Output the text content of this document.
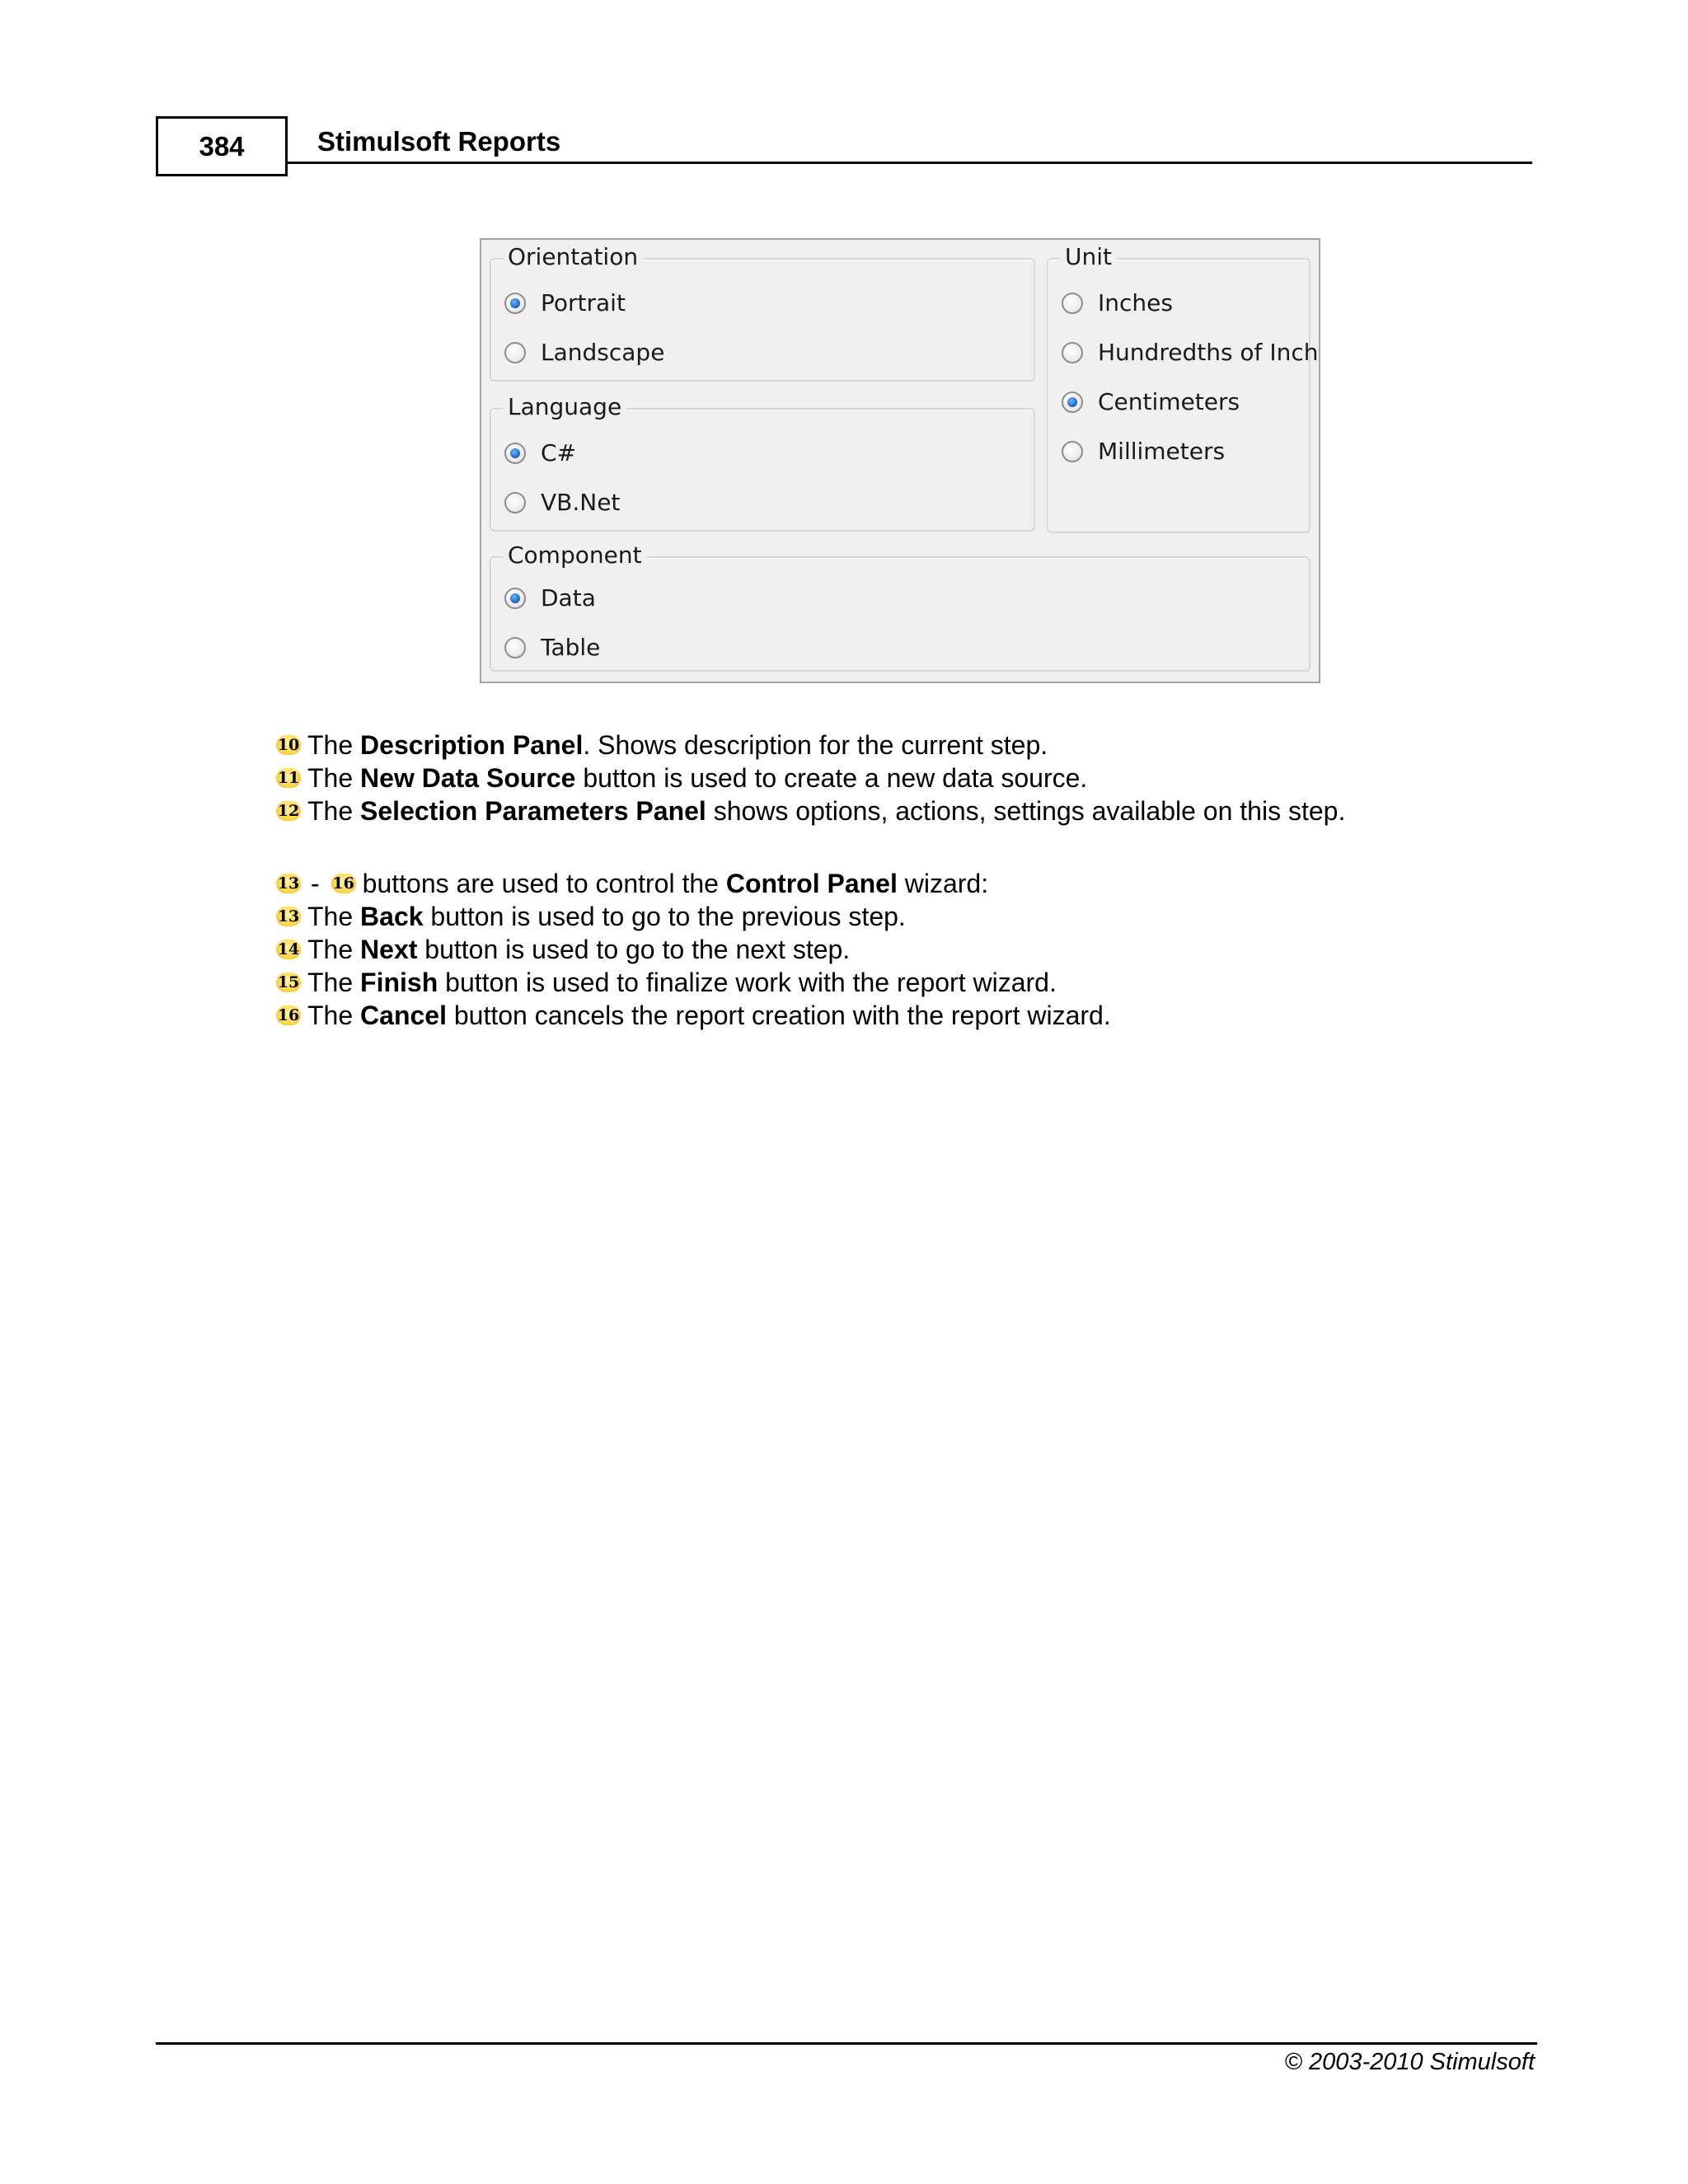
384	Stimulsoft Reports
Orientation
Portrait
Landscape
Language
C#
VB.Net
Unit
Inches
Hundredths of Inch
Centimeters
Millimeters
Component
Data
Table
10 The Description Panel . Shows description for the current step.
11 The New Data Source button is used to create a new data source.
12 The Selection Parameters Panel shows options, actions, settings available on this step.
13 - 16 buttons are used to control the Control Panel wizard:
13 The Back button is used to go to the previous step.
14 The Next button is used to go to the next step.
15 The Finish button is used to finalize work with the report wizard.
16 The Cancel button cancels the report creation with the report wizard.
© 2003-2010 Stimulsoft
